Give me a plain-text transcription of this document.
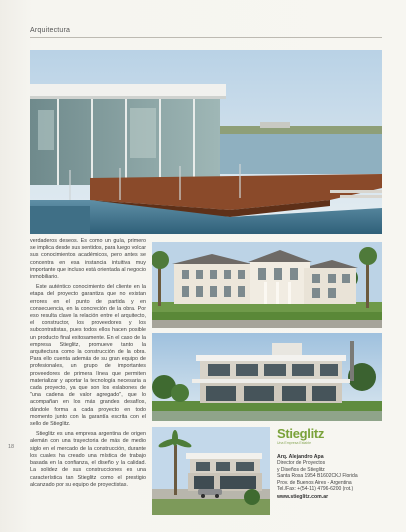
Arquitectura

verdaderos deseos. Es como un guía, primero se implica desde sus sentidos, para luego volcar sus conocimientos académicos, pero antes se concentra en esa instancia intuitiva muy importante que incluso está orientada al negocio inmobiliario.

Este auténtico conocimiento del cliente en la etapa del proyecto garantiza que no existan errores en el punto de partida y en consecuencia, en la concreción de la obra. Por eso resulta clave la relación entre el arquitecto, el constructor, los proveedores y los subcontratistas, pues todos ellos hacen posible un producto final exitosamente. En el caso de la empresa Stieglitz, promueve tanto la arquitectura como la construcción de la obra. Para ello cuenta además de su gran equipo de profesionales, un grupo de importantes proveedores de primera línea que permiten materializar y aportar la tecnología necesaria a cada proyecto, ya que son los eslabones de "una cadena de valor agregado", que lo acompañan en los más grandes desafíos, dándole forma a cada proyecto en todo momento junto con la garantía escrita con el sello de Stieglitz.

Stieglitz es una empresa argentina de origen alemán con una trayectoria de más de medio siglo en el mercado de la construcción, durante los cuales ha creado una mística de trabajo basada en la confianza, el diseño y la calidad. La solidez de sus construcciones es una característica tan Stieglitz como el prestigio alcanzado por su equipo de proyectistas.

Stieglitz
Una Empresa Estable
Arq. Alejandro Apa
Director de Proyectos
y Diseños de Stieglitz
Santa Rosa 1954 B1602CKJ Florida
Prov. de Buenos Aires - Argentina
Tel./Fax: +(54-11) 4796-6200 (rot.)
www.stieglitz.com.ar
18
